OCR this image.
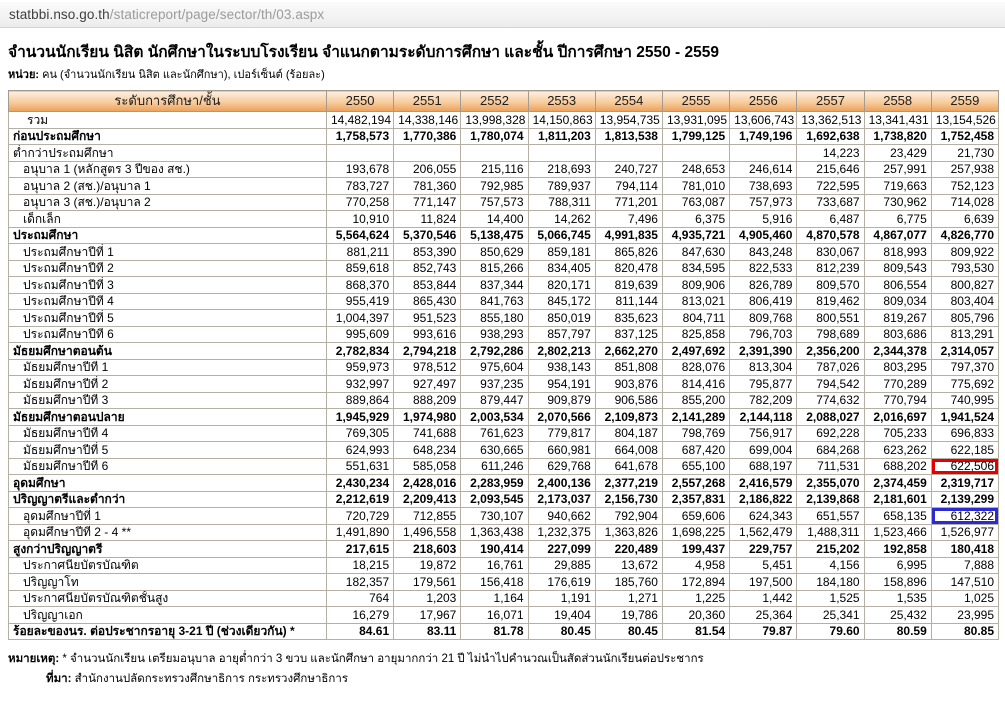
statbbi.nso.go.th /staticreport/page/sector/th/03.aspx
จำนวนนักเรียน นิสิต นักศึกษาในระบบโรงเรียน จำแนกตามระดับการศึกษา และชั้น ปีการศึกษา 2550 - 2559
หน่วย: คน (จำนวนนักเรียน นิสิต และนักศึกษา), เปอร์เซ็นต์ (ร้อยละ)
ระดับการศึกษา/ชั้น	2550	2551	2552	2553	2554	2555	2556	2557	2558	2559
รวม	14,482,194	14,338,146	13,998,328	14,150,863	13,954,735	13,931,095	13,606,743	13,362,513	13,341,431	13,154,526
ก่อนประถมศึกษา	1,758,573	1,770,386	1,780,074	1,811,203	1,813,538	1,799,125	1,749,196	1,692,638	1,738,820	1,752,458
ต่ำกว่าประถมศึกษา								14,223	23,429	21,730
อนุบาล 1 (หลักสูตร 3 ปีของ สช.)	193,678	206,055	215,116	218,693	240,727	248,653	246,614	215,646	257,991	257,938
อนุบาล 2 (สช.)/อนุบาล 1	783,727	781,360	792,985	789,937	794,114	781,010	738,693	722,595	719,663	752,123
อนุบาล 3 (สช.)/อนุบาล 2	770,258	771,147	757,573	788,311	771,201	763,087	757,973	733,687	730,962	714,028
เด็กเล็ก	10,910	11,824	14,400	14,262	7,496	6,375	5,916	6,487	6,775	6,639
ประถมศึกษา	5,564,624	5,370,546	5,138,475	5,066,745	4,991,835	4,935,721	4,905,460	4,870,578	4,867,077	4,826,770
ประถมศึกษาปีที่ 1	881,211	853,390	850,629	859,181	865,826	847,630	843,248	830,067	818,993	809,922
ประถมศึกษาปีที่ 2	859,618	852,743	815,266	834,405	820,478	834,595	822,533	812,239	809,543	793,530
ประถมศึกษาปีที่ 3	868,370	853,844	837,344	820,171	819,639	809,906	826,789	809,570	806,554	800,827
ประถมศึกษาปีที่ 4	955,419	865,430	841,763	845,172	811,144	813,021	806,419	819,462	809,034	803,404
ประถมศึกษาปีที่ 5	1,004,397	951,523	855,180	850,019	835,623	804,711	809,768	800,551	819,267	805,796
ประถมศึกษาปีที่ 6	995,609	993,616	938,293	857,797	837,125	825,858	796,703	798,689	803,686	813,291
มัธยมศึกษาตอนต้น	2,782,834	2,794,218	2,792,286	2,802,213	2,662,270	2,497,692	2,391,390	2,356,200	2,344,378	2,314,057
มัธยมศึกษาปีที่ 1	959,973	978,512	975,604	938,143	851,808	828,076	813,304	787,026	803,295	797,370
มัธยมศึกษาปีที่ 2	932,997	927,497	937,235	954,191	903,876	814,416	795,877	794,542	770,289	775,692
มัธยมศึกษาปีที่ 3	889,864	888,209	879,447	909,879	906,586	855,200	782,209	774,632	770,794	740,995
มัธยมศึกษาตอนปลาย	1,945,929	1,974,980	2,003,534	2,070,566	2,109,873	2,141,289	2,144,118	2,088,027	2,016,697	1,941,524
มัธยมศึกษาปีที่ 4	769,305	741,688	761,623	779,817	804,187	798,769	756,917	692,228	705,233	696,833
มัธยมศึกษาปีที่ 5	624,993	648,234	630,665	660,981	664,008	687,420	699,004	684,268	623,262	622,185
มัธยมศึกษาปีที่ 6	551,631	585,058	611,246	629,768	641,678	655,100	688,197	711,531	688,202	622,506
อุดมศึกษา	2,430,234	2,428,016	2,283,959	2,400,136	2,377,219	2,557,268	2,416,579	2,355,070	2,374,459	2,319,717
ปริญญาตรีและต่ำกว่า	2,212,619	2,209,413	2,093,545	2,173,037	2,156,730	2,357,831	2,186,822	2,139,868	2,181,601	2,139,299
อุดมศึกษาปีที่ 1	720,729	712,855	730,107	940,662	792,904	659,606	624,343	651,557	658,135	612,322
อุดมศึกษาปีที่ 2 - 4 **	1,491,890	1,496,558	1,363,438	1,232,375	1,363,826	1,698,225	1,562,479	1,488,311	1,523,466	1,526,977
สูงกว่าปริญญาตรี	217,615	218,603	190,414	227,099	220,489	199,437	229,757	215,202	192,858	180,418
ประกาศนียบัตรบัณฑิต	18,215	19,872	16,761	29,885	13,672	4,958	5,451	4,156	6,995	7,888
ปริญญาโท	182,357	179,561	156,418	176,619	185,760	172,894	197,500	184,180	158,896	147,510
ประกาศนียบัตรบัณฑิตชั้นสูง	764	1,203	1,164	1,191	1,271	1,225	1,442	1,525	1,535	1,025
ปริญญาเอก	16,279	17,967	16,071	19,404	19,786	20,360	25,364	25,341	25,432	23,995
ร้อยละของนร. ต่อประชากรอายุ 3-21 ปี (ช่วงเดียวกัน) *	84.61	83.11	81.78	80.45	80.45	81.54	79.87	79.60	80.59	80.85
หมายเหตุ: * จำนวนนักเรียน เตรียมอนุบาล อายุต่ำกว่า 3 ขวบ และนักศึกษา อายุมากกว่า 21 ปี ไม่นำไปคำนวณเป็นสัดส่วนนักเรียนต่อประชากร
ที่มา: สำนักงานปลัดกระทรวงศึกษาธิการ กระทรวงศึกษาธิการ
